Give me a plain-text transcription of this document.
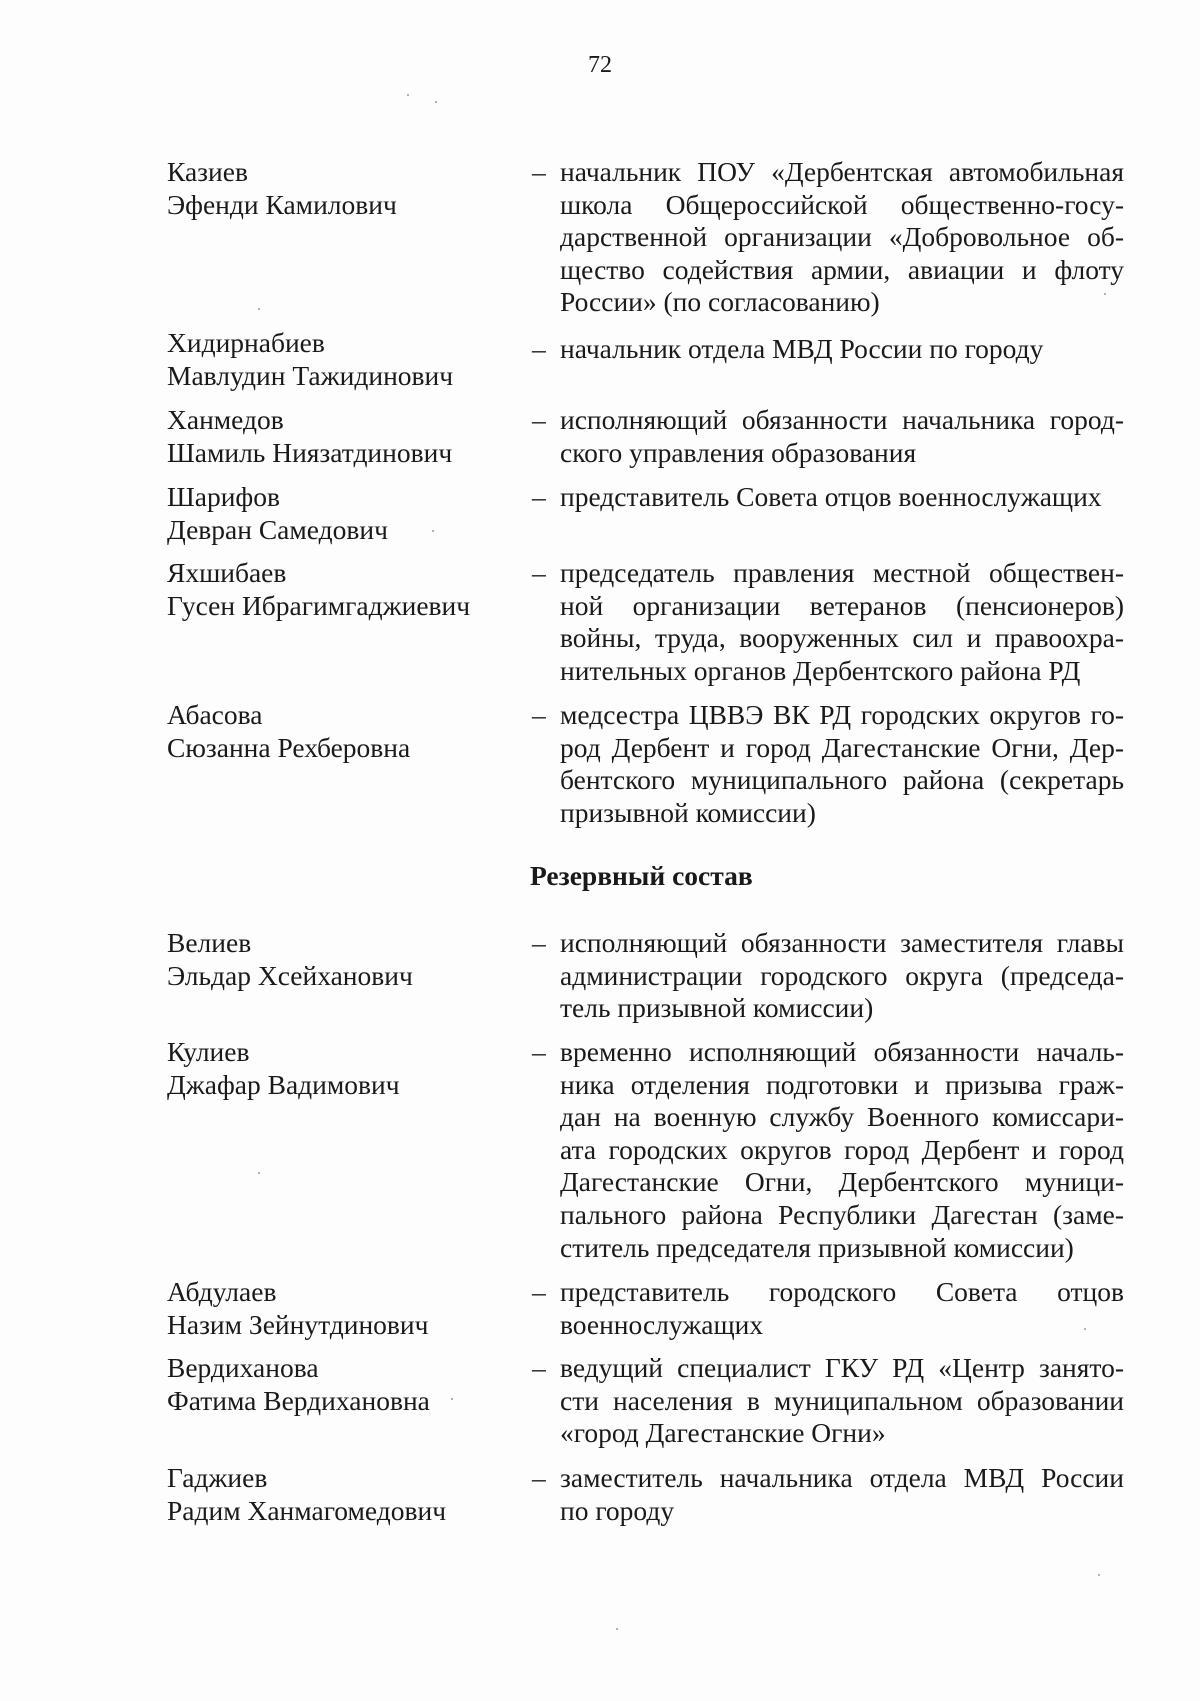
72
Казиев
Эфенди Камилович
– начальник ПОУ «Дербентская автомобильная
школа Общероссийской общественно-госу-
дарственной организации «Добровольное об-
щество содействия армии, авиации и флоту
России» (по согласованию)
Хидирнабиев
Мавлудин Тажидинович
– начальник отдела МВД России по городу
Ханмедов
Шамиль Ниязатдинович
– исполняющий обязанности начальника город-
ского управления образования
Шарифов
Девран Самедович
– представитель Совета отцов военнослужащих
Яхшибаев
Гусен Ибрагимгаджиевич
– председатель правления местной обществен-
ной организации ветеранов (пенсионеров)
войны, труда, вооруженных сил и правоохра-
нительных органов Дербентского района РД
Абасова
Сюзанна Рехберовна
– медсестра ЦВВЭ ВК РД городских округов го-
род Дербент и город Дагестанские Огни, Дер-
бентского муниципального района (секретарь
призывной комиссии)
Резервный состав
Велиев
Эльдар Хсейханович
– исполняющий обязанности заместителя главы
администрации городского округа (председа-
тель призывной комиссии)
Кулиев
Джафар Вадимович
– временно исполняющий обязанности началь-
ника отделения подготовки и призыва граж-
дан на военную службу Военного комиссари-
ата городских округов город Дербент и город
Дагестанские Огни, Дербентского муници-
пального района Республики Дагестан (заме-
ститель председателя призывной комиссии)
Абдулаев
Назим Зейнутдинович
– представитель городского Совета отцов
военнослужащих
Вердиханова
Фатима Вердихановна
– ведущий специалист ГКУ РД «Центр занято-
сти населения в муниципальном образовании
«город Дагестанские Огни»
Гаджиев
Радим Ханмагомедович
– заместитель начальника отдела МВД России
по городу
